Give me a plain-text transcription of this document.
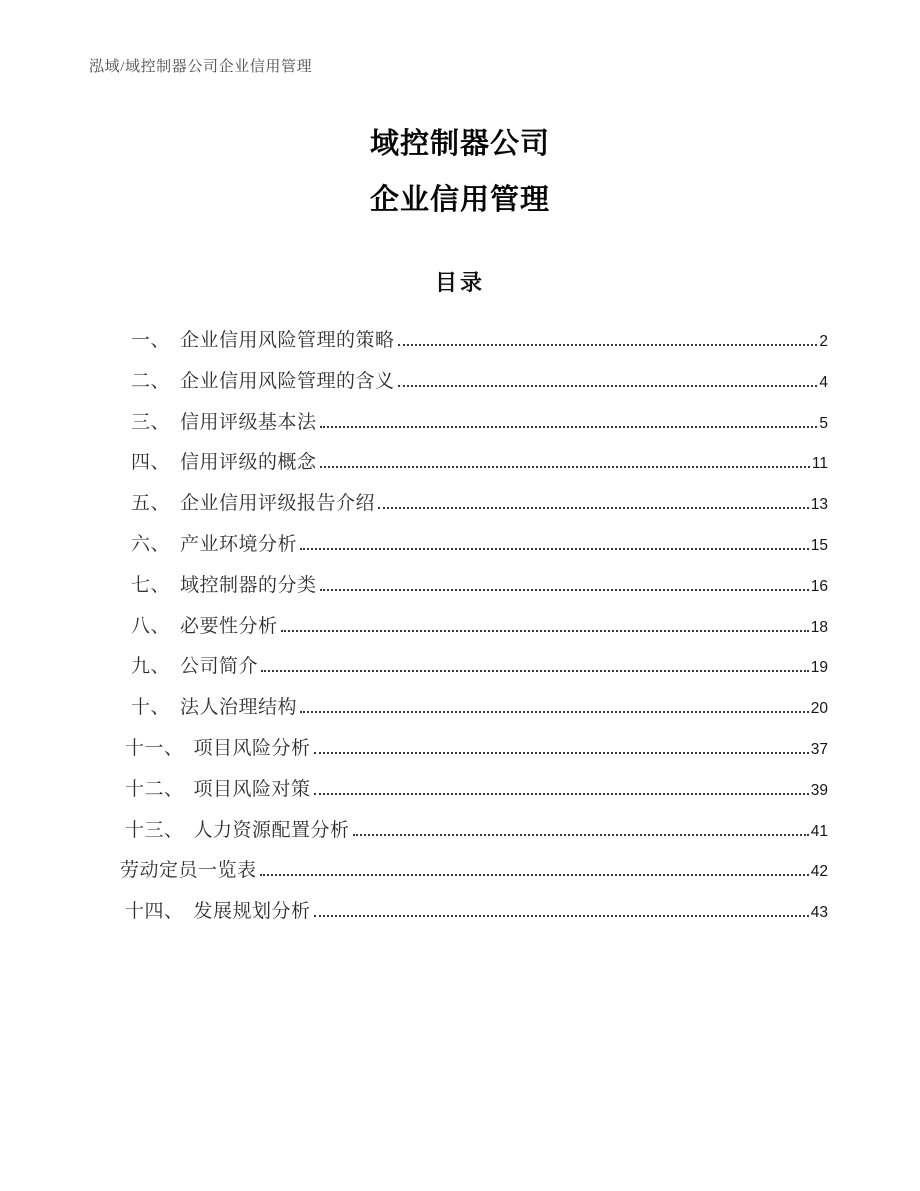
泓域/域控制器公司企业信用管理
域控制器公司
企业信用管理
目录
一、　企业信用风险管理的策略	2
二、　企业信用风险管理的含义	4
三、　信用评级基本法	5
四、　信用评级的概念	11
五、　企业信用评级报告介绍	13
六、　产业环境分析	15
七、　域控制器的分类	16
八、　必要性分析	18
九、　公司简介	19
十、　法人治理结构	20
十一、　项目风险分析	37
十二、　项目风险对策	39
十三、　人力资源配置分析	41
劳动定员一览表	42
十四、　发展规划分析	43
